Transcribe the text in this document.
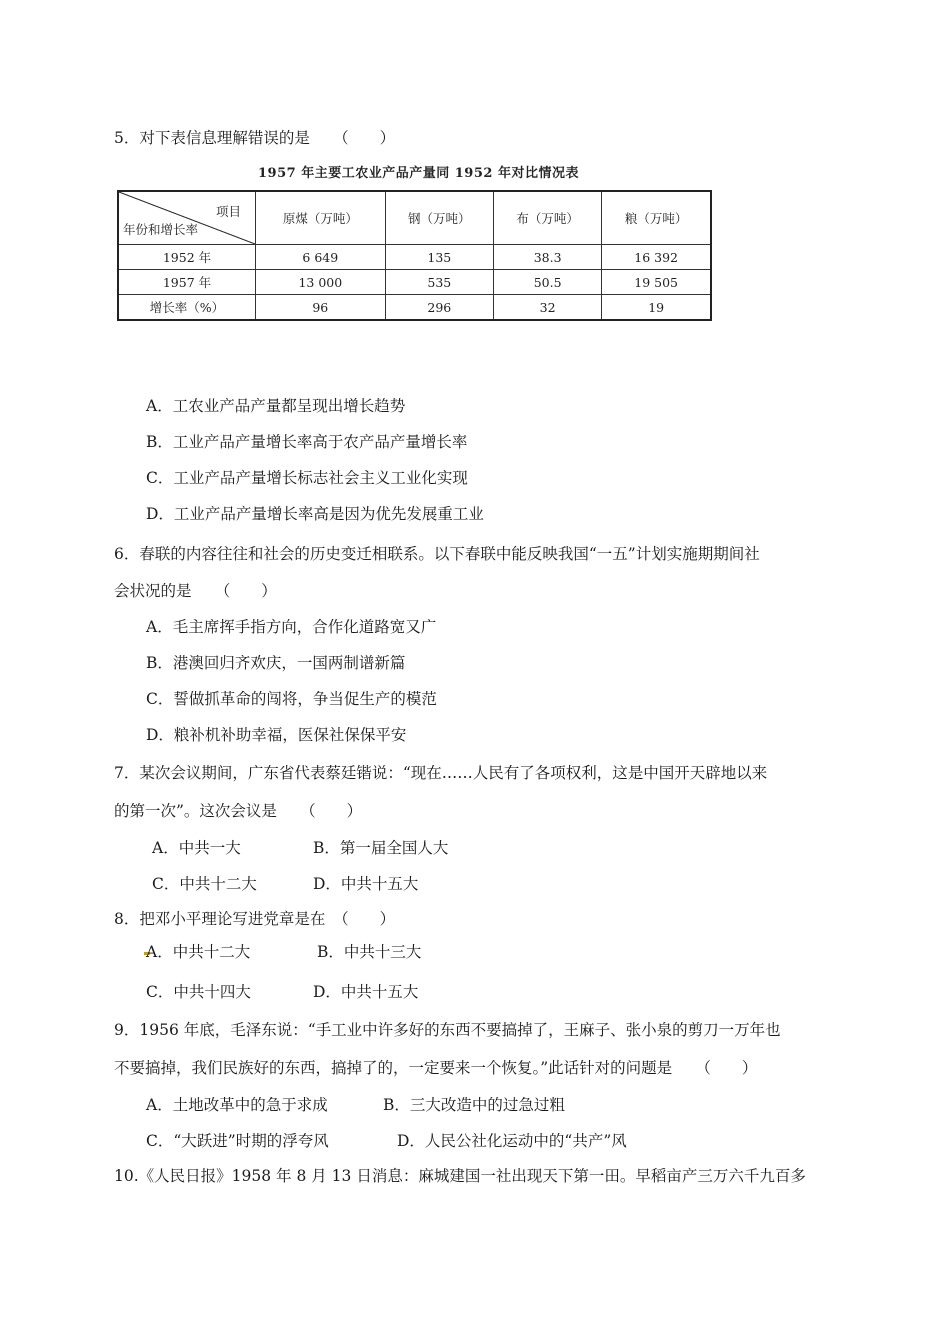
5．对下表信息理解错误的是　　（　　）
1957 年主要工农业产品产量同 1952 年对比情况表
项目
年份和增长率	原煤（万吨）	钢（万吨）	布（万吨）	粮（万吨）
1952 年	6 649	135	38.3	16 392
1957 年	13 000	535	50.5	19 505
增长率（%）	96	296	32	19
A．工农业产品产量都呈现出增长趋势
B．工业产品产量增长率高于农产品产量增长率
C．工业产品产量增长标志社会主义工业化实现
D．工业产品产量增长率高是因为优先发展重工业
6．春联的内容往往和社会的历史变迁相联系。以下春联中能反映我国“一五”计划实施期期间社
会状况的是　　（　　）
A．毛主席挥手指方向，合作化道路宽又广
B．港澳回归齐欢庆，一国两制谱新篇
C．誓做抓革命的闯将，争当促生产的模范
D．粮补机补助幸福，医保社保保平安
7．某次会议期间，广东省代表蔡廷锴说：“现在……人民有了各项权利，这是中国开天辟地以来
的第一次”。这次会议是　　（　　）
A．中共一大	B．第一届全国人大
C．中共十二大	D．中共十五大
8．把邓小平理论写进党章是在　（　　）
A．中共十二大	B．中共十三大
C．中共十四大	D．中共十五大
9．1956 年底，毛泽东说：“手工业中许多好的东西不要搞掉了，王麻子、张小泉的剪刀一万年也
不要搞掉，我们民族好的东西，搞掉了的，一定要来一个恢复。”此话针对的问题是　　（　　）
A．土地改革中的急于求成	B．三大改造中的过急过粗
C．“大跃进”时期的浮夸风	D．人民公社化运动中的“共产”风
10.《人民日报》1958 年 8 月 13 日消息：麻城建国一社出现天下第一田。早稻亩产三万六千九百多
